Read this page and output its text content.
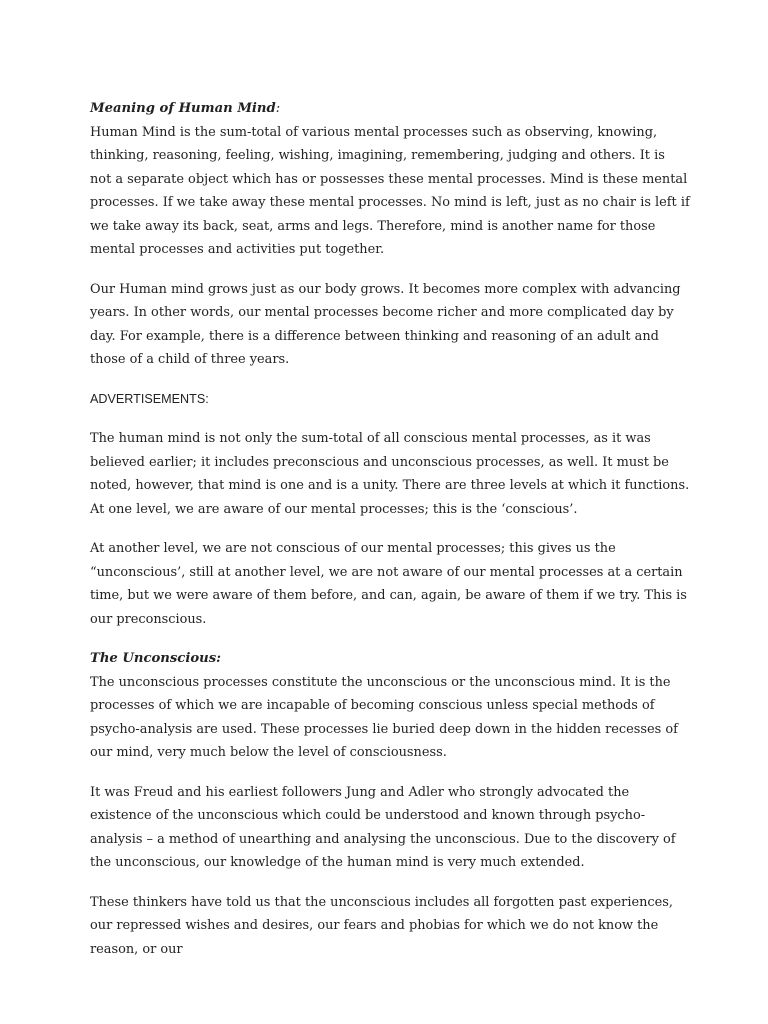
Meaning of Human Mind:

Human Mind is the sum-total of various mental processes such as observing, knowing, thinking, reasoning, feeling, wishing, imagining, remembering, judging and others. It is not a separate object which has or possesses these mental processes. Mind is these mental processes. If we take away these mental processes. No mind is left, just as no chair is left if we take away its back, seat, arms and legs. Therefore, mind is another name for those mental processes and activities put together.

Our Human mind grows just as our body grows. It becomes more complex with advancing years. In other words, our mental processes become richer and more complicated day by day. For example, there is a difference between thinking and reasoning of an adult and those of a child of three years.

ADVERTISEMENTS:

The human mind is not only the sum-total of all conscious mental processes, as it was believed earlier; it includes preconscious and unconscious processes, as well. It must be noted, however, that mind is one and is a unity. There are three levels at which it functions. At one level, we are aware of our mental processes; this is the ‘conscious’.

At another level, we are not conscious of our mental processes; this gives us the “unconscious’, still at another level, we are not aware of our mental processes at a certain time, but we were aware of them before, and can, again, be aware of them if we try. This is our preconscious.

The Unconscious:

The unconscious processes constitute the unconscious or the unconscious mind. It is the processes of which we are incapable of becoming conscious unless special methods of psycho-analysis are used. These processes lie buried deep down in the hidden recesses of our mind, very much below the level of consciousness.

It was Freud and his earliest followers Jung and Adler who strongly advocated the existence of the unconscious which could be understood and known through psycho-analysis – a method of unearthing and analysing the unconscious. Due to the discovery of the unconscious, our knowledge of the human mind is very much extended.

These thinkers have told us that the unconscious includes all forgotten past experiences, our repressed wishes and desires, our fears and phobias for which we do not know the reason, or our
